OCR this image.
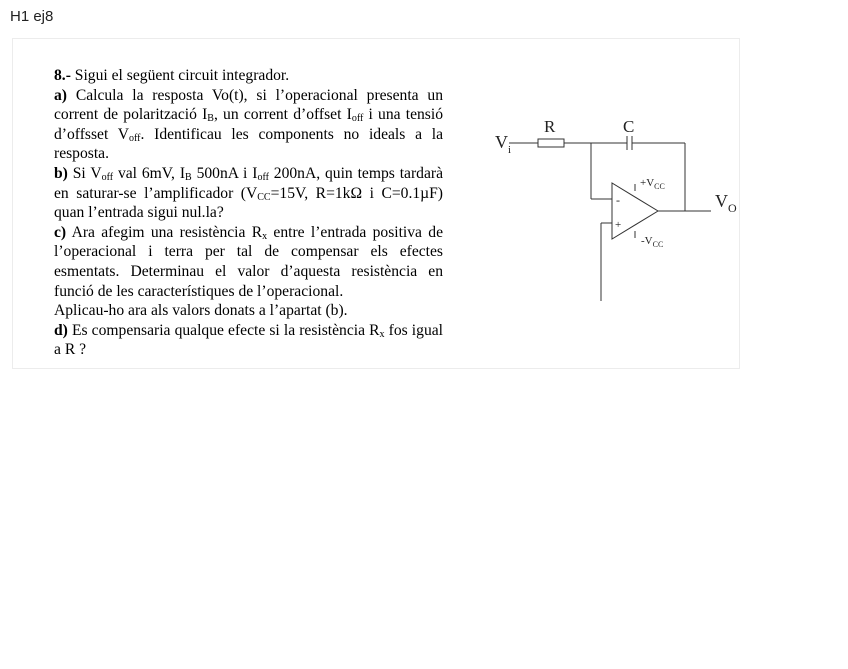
H1 ej8

8.- Sigui el següent circuit integrador.

a) Calcula la resposta Vo(t), si l’operacional presenta un corrent de polarització $I_B$, un corrent d’offset $I_{off}$ i una tensió d’offsset $V_{off}$. Identificau les components no ideals a la resposta.

b) Si $V_{off}$ val 6mV, $I_B$ 500nA i $I_{off}$ 200nA, quin temps tardarà en saturar-se l’amplificador ($V_{CC}=15V$, R=1kΩ i C=0.1µF) quan l’entrada sigui nul.la?

c) Ara afegim una resistència $R_x$ entre l’entrada positiva de l’operacional i terra per tal de compensar els efectes esmentats. Determinau el valor d’aquesta resistència en funció de les característiques de l’operacional.

Aplicau-ho ara als valors donats a l’apartat (b).

d) Es compensaria qualque efecte si la resistència $R_x$ fos igual a R ?

$V_i$
R	C
-
+
$+V_{CC}$
$-V_{CC}$
$V_O$
